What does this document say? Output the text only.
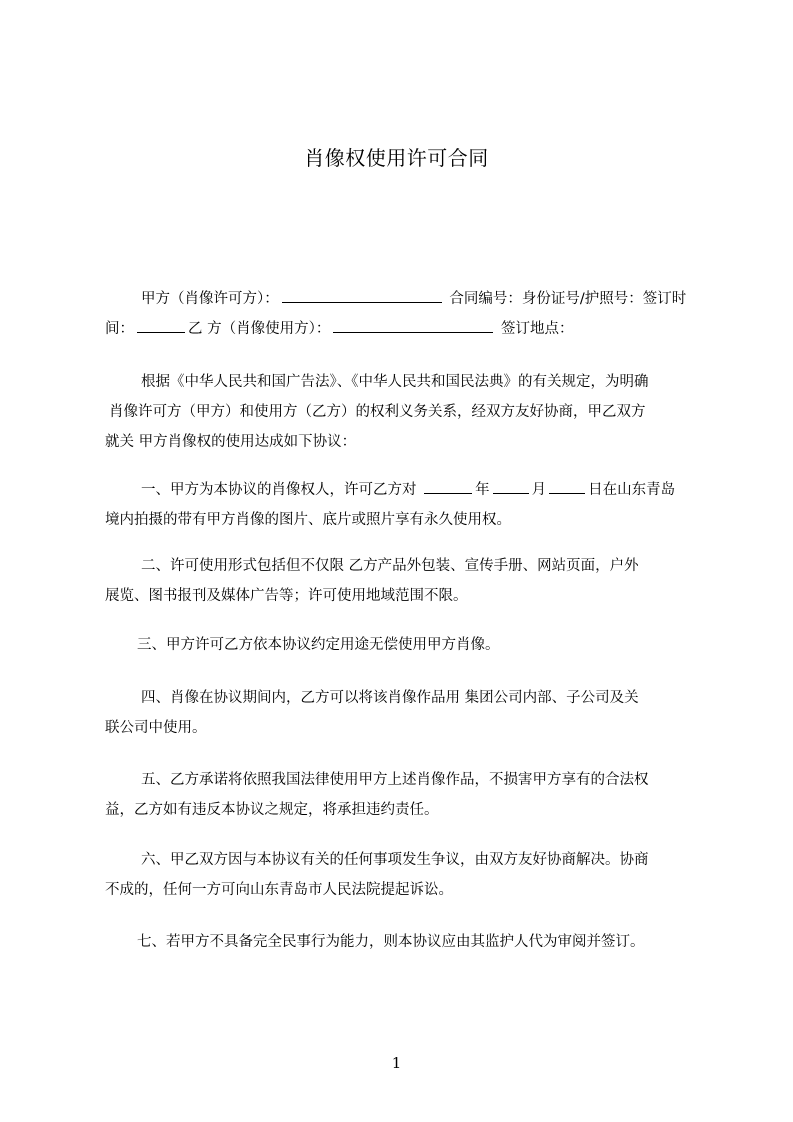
肖像权使用许可合同
甲方（肖像许可方）：	合同编号：身份证号/护照号：签订时
间：	乙 方（肖像使用方）：	签订地点：
根据《中华人民共和国广告法》、《中华人民共和国民法典》的有关规定，为明确
肖像许可方（甲方）和使用方（乙方）的权利义务关系，经双方友好协商，甲乙双方
就关 甲方肖像权的使用达成如下协议：
一、甲方为本协议的肖像权人，许可乙方对	年	月	日在山东青岛
境内拍摄的带有甲方肖像的图片、底片或照片享有永久使用权。
二、许可使用形式包括但不仅限 乙方产品外包装、宣传手册、网站页面，户外
展览、图书报刊及媒体广告等；许可使用地域范围不限。
三、甲方许可乙方依本协议约定用途无偿使用甲方肖像。
四、肖像在协议期间内，乙方可以将该肖像作品用 集团公司内部、子公司及关
联公司中使用。
五、乙方承诺将依照我国法律使用甲方上述肖像作品，不损害甲方享有的合法权
益，乙方如有违反本协议之规定，将承担违约责任。
六、甲乙双方因与本协议有关的任何事项发生争议，由双方友好协商解决。协商
不成的，任何一方可向山东青岛市人民法院提起诉讼。
七、若甲方不具备完全民事行为能力，则本协议应由其监护人代为审阅并签订。
1
